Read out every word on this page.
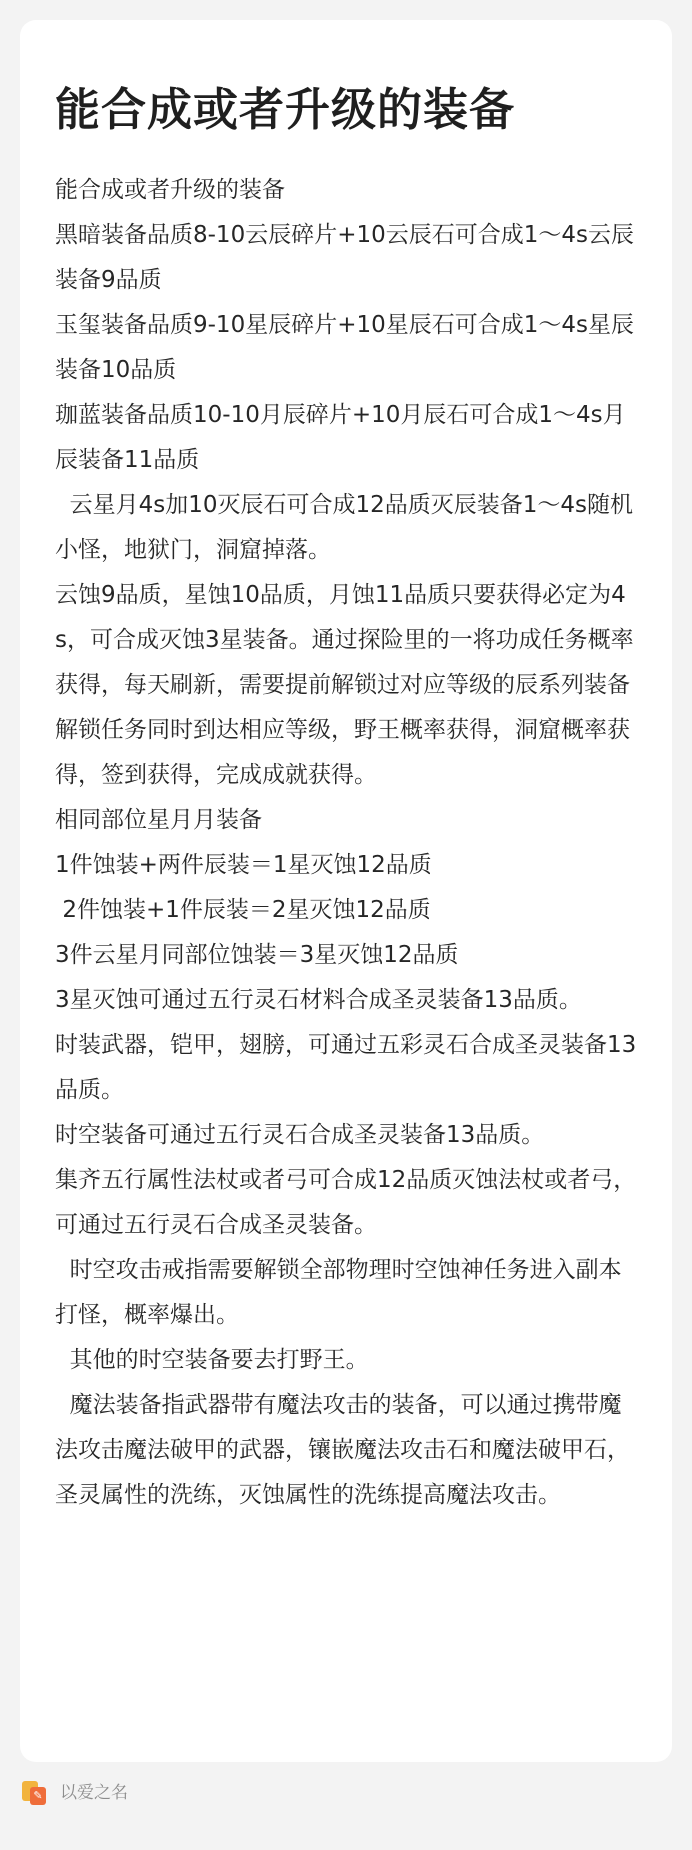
能合成或者升级的装备
能合成或者升级的装备
黑暗装备品质8-10云辰碎片+10云辰石可合成1～4s云辰装备9品质
玉玺装备品质9-10星辰碎片+10星辰石可合成1～4s星辰装备10品质
珈蓝装备品质10-10月辰碎片+10月辰石可合成1～4s月辰装备11品质
云星月4s加10灭辰石可合成12品质灭辰装备1～4s随机
小怪，地狱门，洞窟掉落。
云蚀9品质，星蚀10品质，月蚀11品质只要获得必定为4s，可合成灭蚀3星装备。通过探险里的一将功成任务概率获得，每天刷新，需要提前解锁过对应等级的辰系列装备解锁任务同时到达相应等级，野王概率获得，洞窟概率获得，签到获得，完成成就获得。
相同部位星月月装备
1件蚀装+两件辰装＝1星灭蚀12品质
2件蚀装+1件辰装＝2星灭蚀12品质
3件云星月同部位蚀装＝3星灭蚀12品质
3星灭蚀可通过五行灵石材料合成圣灵装备13品质。
时装武器，铠甲，翅膀，可通过五彩灵石合成圣灵装备13品质。
时空装备可通过五行灵石合成圣灵装备13品质。
集齐五行属性法杖或者弓可合成12品质灭蚀法杖或者弓，可通过五行灵石合成圣灵装备。
时空攻击戒指需要解锁全部物理时空蚀神任务进入副本打怪，概率爆出。
其他的时空装备要去打野王。
魔法装备指武器带有魔法攻击的装备，可以通过携带魔法攻击魔法破甲的武器，镶嵌魔法攻击石和魔法破甲石，圣灵属性的洗练，灭蚀属性的洗练提高魔法攻击。
✎ 以爱之名
